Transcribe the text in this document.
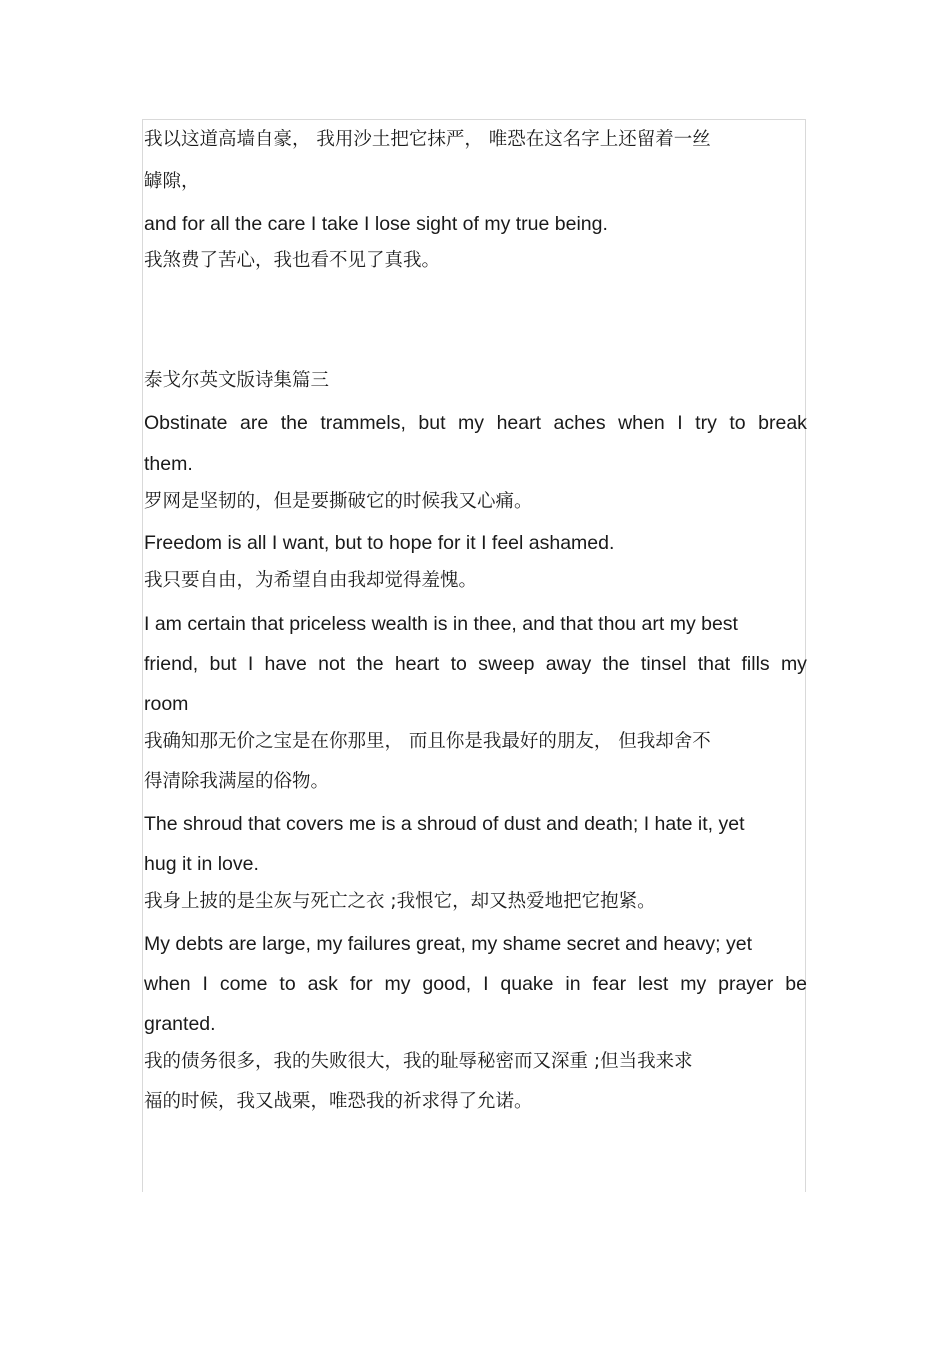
我以这道高墙自豪， 我用沙土把它抹严， 唯恐在这名字上还留着一丝
罅隙，
and for all the care I take I lose sight of my true being.
我煞费了苦心，我也看不见了真我。
泰戈尔英文版诗集篇三
Obstinate are the trammels, but my heart aches when I try to break
them.
罗网是坚韧的，但是要撕破它的时候我又心痛。
Freedom is all I want, but to hope for it I feel ashamed.
我只要自由，为希望自由我却觉得羞愧。
I am certain that priceless wealth is in thee, and that thou art my best
friend, but I have not the heart to sweep away the tinsel that fills my
room
我确知那无价之宝是在你那里， 而且你是我最好的朋友， 但我却舍不
得清除我满屋的俗物。
The shroud that covers me is a shroud of dust and death; I hate it, yet
hug it in love.
我身上披的是尘灰与死亡之衣 ;我恨它，却又热爱地把它抱紧。
My debts are large, my failures great, my shame secret and heavy; yet
when I come to ask for my good, I quake in fear lest my prayer be
granted.
我的债务很多，我的失败很大，我的耻辱秘密而又深重 ;但当我来求
福的时候，我又战栗，唯恐我的祈求得了允诺。
